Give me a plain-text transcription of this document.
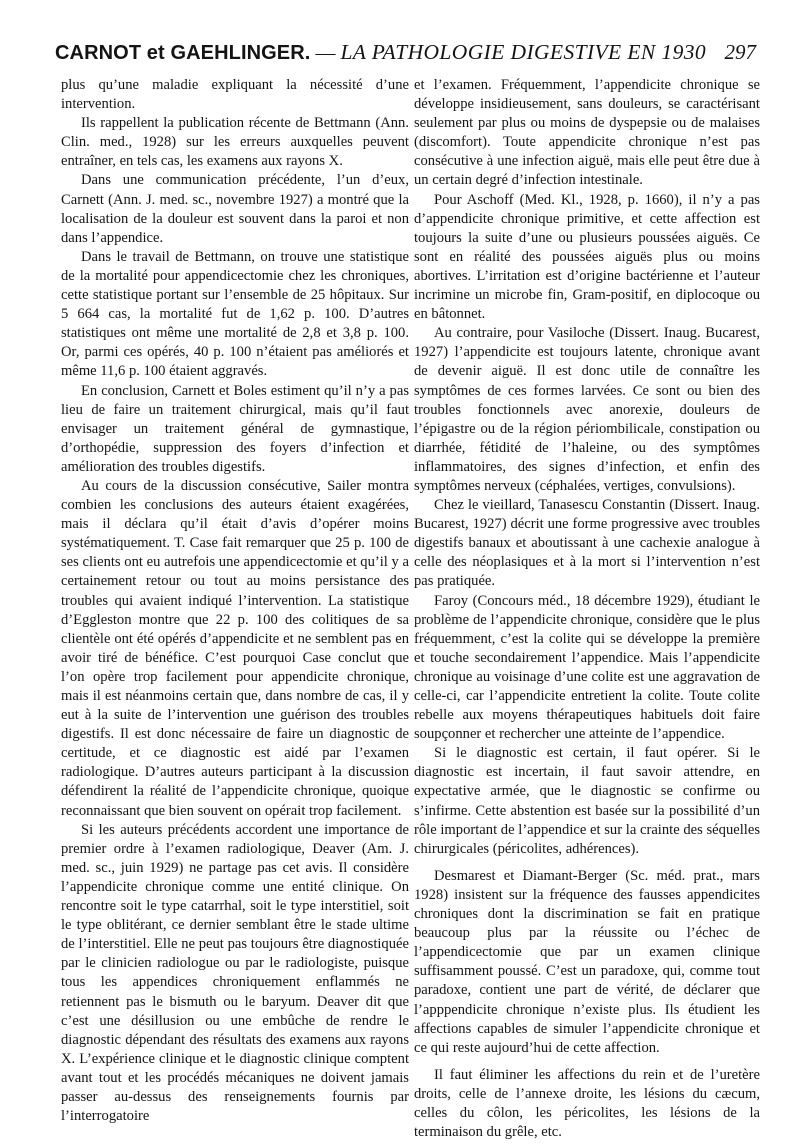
CARNOT et GAEHLINGER. — LA PATHOLOGIE DIGESTIVE EN 1930 297

plus qu’une maladie expliquant la nécessité d’une intervention.

Ils rappellent la publication récente de Bettmann (Ann. Clin. med., 1928) sur les erreurs auxquelles peuvent entraîner, en tels cas, les examens aux rayons X.

Dans une communication précédente, l’un d’eux, Carnett (Ann. J. med. sc., novembre 1927) a montré que la localisation de la douleur est souvent dans la paroi et non dans l’appendice.

Dans le travail de Bettmann, on trouve une statistique de la mortalité pour appendicectomie chez les chroniques, cette statistique portant sur l’ensemble de 25 hôpitaux. Sur 5 664 cas, la mortalité fut de 1,62 p. 100. D’autres statistiques ont même une mortalité de 2,8 et 3,8 p. 100. Or, parmi ces opérés, 40 p. 100 n’étaient pas améliorés et même 11,6 p. 100 étaient aggravés.

En conclusion, Carnett et Boles estiment qu’il n’y a pas lieu de faire un traitement chirurgical, mais qu’il faut envisager un traitement général de gymnastique, d’orthopédie, suppression des foyers d’infection et amélioration des troubles digestifs.

Au cours de la discussion consécutive, Sailer montra combien les conclusions des auteurs étaient exagérées, mais il déclara qu’il était d’avis d’opérer moins systématiquement. T. Case fait remarquer que 25 p. 100 de ses clients ont eu autrefois une appendicectomie et qu’il y a certainement retour ou tout au moins persistance des troubles qui avaient indiqué l’intervention. La statistique d’Eggleston montre que 22 p. 100 des colitiques de sa clientèle ont été opérés d’appendicite et ne semblent pas en avoir tiré de bénéfice. C’est pourquoi Case conclut que l’on opère trop facilement pour appendicite chronique, mais il est néanmoins certain que, dans nombre de cas, il y eut à la suite de l’intervention une guérison des troubles digestifs. Il est donc nécessaire de faire un diagnostic de certitude, et ce diagnostic est aidé par l’examen radiologique. D’autres auteurs participant à la discussion défendirent la réalité de l’appendicite chronique, quoique reconnaissant que bien souvent on opérait trop facilement.

Si les auteurs précédents accordent une importance de premier ordre à l’examen radiologique, Deaver (Am. J. med. sc., juin 1929) ne partage pas cet avis. Il considère l’appendicite chronique comme une entité clinique. On rencontre soit le type catarrhal, soit le type interstitiel, soit le type oblitérant, ce dernier semblant être le stade ultime de l’interstitiel. Elle ne peut pas toujours être diagnostiquée par le clinicien radiologue ou par le radiologiste, puisque tous les appendices chroniquement enflammés ne retiennent pas le bismuth ou le baryum. Deaver dit que c’est une désillusion ou une embûche de rendre le diagnostic dépendant des résultats des examens aux rayons X. L’expérience clinique et le diagnostic clinique comptent avant tout et les procédés mécaniques ne doivent jamais passer au-dessus des renseignements fournis par l’interrogatoire

et l’examen. Fréquemment, l’appendicite chronique se développe insidieusement, sans douleurs, se caractérisant seulement par plus ou moins de dyspepsie ou de malaises (discomfort). Toute appendicite chronique n’est pas consécutive à une infection aiguë, mais elle peut être due à un certain degré d’infection intestinale.

Pour Aschoff (Med. Kl., 1928, p. 1660), il n’y a pas d’appendicite chronique primitive, et cette affection est toujours la suite d’une ou plusieurs poussées aiguës. Ce sont en réalité des poussées aiguës plus ou moins abortives. L’irritation est d’origine bactérienne et l’auteur incrimine un microbe fin, Gram-positif, en diplocoque ou en bâtonnet.

Au contraire, pour Vasiloche (Dissert. Inaug. Bucarest, 1927) l’appendicite est toujours latente, chronique avant de devenir aiguë. Il est donc utile de connaître les symptômes de ces formes larvées. Ce sont ou bien des troubles fonctionnels avec anorexie, douleurs de l’épigastre ou de la région périombilicale, constipation ou diarrhée, fétidité de l’haleine, ou des symptômes inflammatoires, des signes d’infection, et enfin des symptômes nerveux (céphalées, vertiges, convulsions).

Chez le vieillard, Tanasescu Constantin (Dissert. Inaug. Bucarest, 1927) décrit une forme progressive avec troubles digestifs banaux et aboutissant à une cachexie analogue à celle des néoplasiques et à la mort si l’intervention n’est pas pratiquée.

Faroy (Concours méd., 18 décembre 1929), étudiant le problème de l’appendicite chronique, considère que le plus fréquemment, c’est la colite qui se développe la première et touche secondairement l’appendice. Mais l’appendicite chronique au voisinage d’une colite est une aggravation de celle-ci, car l’appendicite entretient la colite. Toute colite rebelle aux moyens thérapeutiques habituels doit faire soupçonner et rechercher une atteinte de l’appendice.

Si le diagnostic est certain, il faut opérer. Si le diagnostic est incertain, il faut savoir attendre, en expectative armée, que le diagnostic se confirme ou s’infirme. Cette abstention est basée sur la possibilité d’un rôle important de l’appendice et sur la crainte des séquelles chirurgicales (péricolites, adhérences).

Desmarest et Diamant-Berger (Sc. méd. prat., mars 1928) insistent sur la fréquence des fausses appendicites chroniques dont la discrimination se fait en pratique beaucoup plus par la réussite ou l’échec de l’appendicectomie que par un examen clinique suffisamment poussé. C’est un paradoxe, qui, comme tout paradoxe, contient une part de vérité, de déclarer que l’apppendicite chronique n’existe plus. Ils étudient les affections capables de simuler l’appendicite chronique et ce qui reste aujourd’hui de cette affection.

Il faut éliminer les affections du rein et de l’uretère droits, celle de l’annexe droite, les lésions du cæcum, celles du côlon, les péricolites, les lésions de la terminaison du grêle, etc.
